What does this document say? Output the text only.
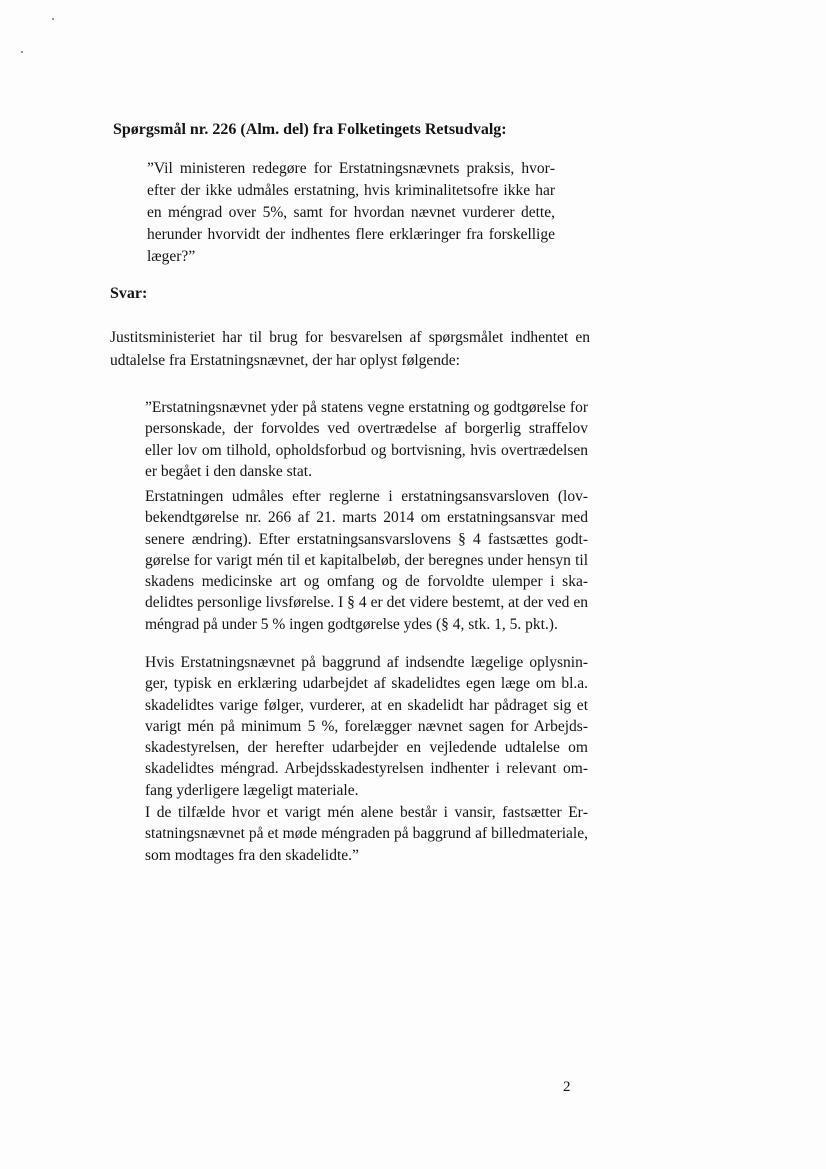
Spørgsmål nr. 226 (Alm. del) fra Folketingets Retsudvalg:
”Vil ministeren redegøre for Erstatningsnævnets praksis, hvorefter der ikke udmåles erstatning, hvis kriminalitetsofre ikke har en méngrad over 5%, samt for hvordan nævnet vurderer dette, herunder hvorvidt der indhentes flere erklæringer fra forskellige læger?”
Svar:
Justitsministeriet har til brug for besvarelsen af spørgsmålet indhentet en udtalelse fra Erstatningsnævnet, der har oplyst følgende:
”Erstatningsnævnet yder på statens vegne erstatning og godtgørelse for personskade, der forvoldes ved overtrædelse af borgerlig straffelov eller lov om tilhold, opholdsforbud og bortvisning, hvis overtrædelsen er begået i den danske stat.
Erstatningen udmåles efter reglerne i erstatningsansvarsloven (lovbekendtgørelse nr. 266 af 21. marts 2014 om erstatningsansvar med senere ændring). Efter erstatningsansvarslovens § 4 fastsættes godtgørelse for varigt mén til et kapitalbeløb, der beregnes under hensyn til skadens medicinske art og omfang og de forvoldte ulemper i skadelidtes personlige livsførelse. I § 4 er det videre bestemt, at der ved en méngrad på under 5 % ingen godtgørelse ydes (§ 4, stk. 1, 5. pkt.).
Hvis Erstatningsnævnet på baggrund af indsendte lægelige oplysninger, typisk en erklæring udarbejdet af skadelidtes egen læge om bl.a. skadelidtes varige følger, vurderer, at en skadelidt har pådraget sig et varigt mén på minimum 5 %, forelægger nævnet sagen for Arbejdsskadestyrelsen, der herefter udarbejder en vejledende udtalelse om skadelidtes méngrad. Arbejdsskadestyrelsen indhenter i relevant omfang yderligere lægeligt materiale.
I de tilfælde hvor et varigt mén alene består i vansir, fastsætter Erstatningsnævnet på et møde méngraden på baggrund af billedmateriale, som modtages fra den skadelidte.”
2
